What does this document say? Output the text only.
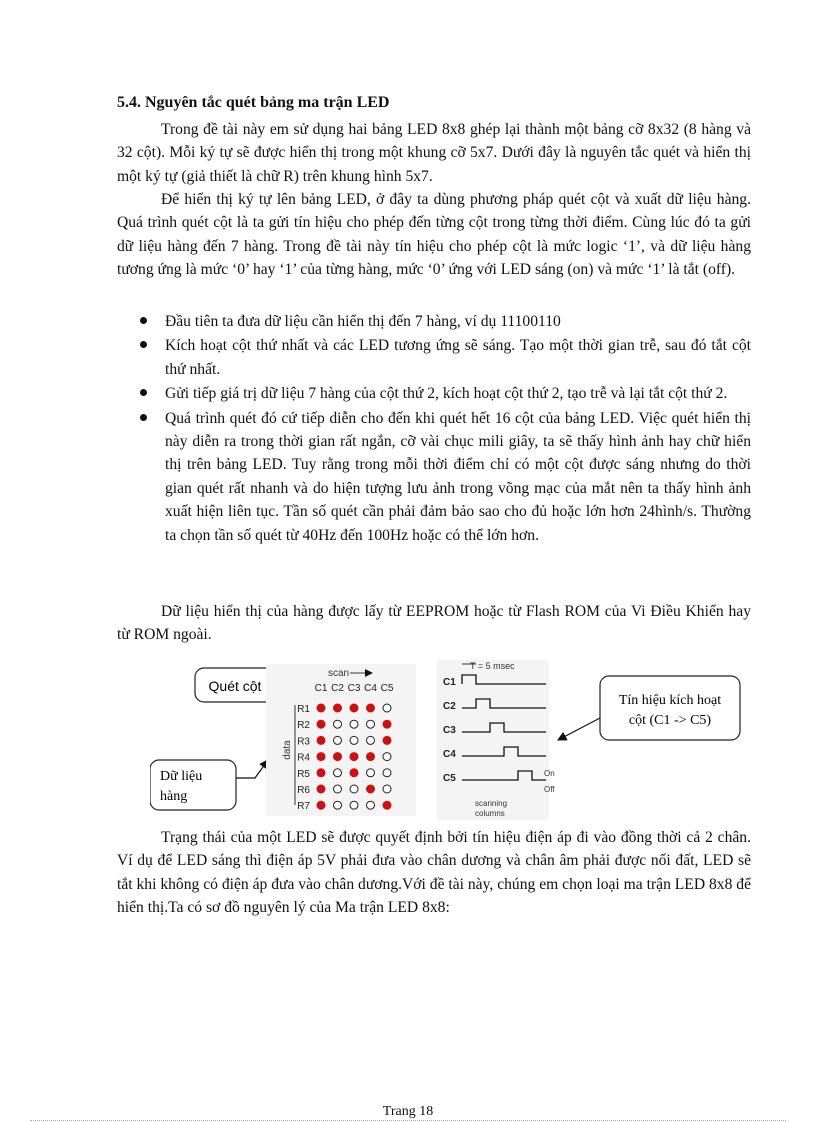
5.4. Nguyên tắc quét bảng ma trận LED
Trong đề tài này em sử dụng hai bảng LED 8x8 ghép lại thành một bảng cỡ 8x32 (8 hàng và 32 cột). Mỗi ký tự sẽ được hiển thị trong một khung cỡ 5x7. Dưới đây là nguyên tắc quét và hiển thị một ký tự (giả thiết là chữ R) trên khung hình 5x7.
Để hiển thị ký tự lên bảng LED, ở đây ta dùng phương pháp quét cột và xuất dữ liệu hàng. Quá trình quét cột là ta gửi tín hiệu cho phép đến từng cột trong từng thời điểm. Cùng lúc đó ta gửi dữ liệu hàng đến 7 hàng. Trong đề tài này tín hiệu cho phép cột là mức logic ‘1’, và dữ liệu hàng tương ứng là mức ‘0’ hay ‘1’ của từng hàng, mức ‘0’ ứng với LED sáng (on) và mức ‘1’ là tắt (off).
Đầu tiên ta đưa dữ liệu cần hiển thị đến 7 hàng, ví dụ 11100110
Kích hoạt cột thứ nhất và các LED tương ứng sẽ sáng. Tạo một thời gian trễ, sau đó tắt cột thứ nhất.
Gửi tiếp giá trị dữ liệu 7 hàng của cột thứ 2, kích hoạt cột thứ 2, tạo trễ và lại tắt cột thứ 2.
Quá trình quét đó cứ tiếp diễn cho đến khi quét hết 16 cột của bảng LED. Việc quét hiển thị này diễn ra trong thời gian rất ngắn, cỡ vài chục mili giây, ta sẽ thấy hình ảnh hay chữ hiển thị trên bảng LED. Tuy rằng trong mỗi thời điểm chỉ có một cột được sáng nhưng do thời gian quét rất nhanh và do hiện tượng lưu ảnh trong võng mạc của mắt nên ta thấy hình ảnh xuất hiện liên tục. Tần số quét cần phải đảm bảo sao cho đủ hoặc lớn hơn 24hình/s. Thường ta chọn tần số quét từ 40Hz đến 100Hz hoặc có thể lớn hơn.
Dữ liệu hiển thị của hàng được lấy từ EEPROM hoặc từ Flash ROM của Vi Điều Khiển hay từ ROM ngoài.
Quét cột
Dữ liệu
hàng
scan
data
C1 C2 C3 C4 C5
R1
R2
R3
R4
R5
R6
R7
T = 5 msec
C1
C2
C3
C4
C5	On
Off
scanning
columns
Tín hiệu kích hoạt
cột (C1 -> C5)
Trạng thái của một LED sẽ được quyết định bởi tín hiệu điện áp đi vào đồng thời cả 2 chân. Ví dụ để LED sáng thì điện áp 5V phải đưa vào chân dương và chân âm phải được nối đất, LED sẽ tắt khi không có điện áp đưa vào chân dương.Với đề tài này, chúng em chọn loại ma trận LED 8x8 để hiển thị.Ta có sơ đồ nguyên lý của Ma trận LED 8x8:
Trang 18
